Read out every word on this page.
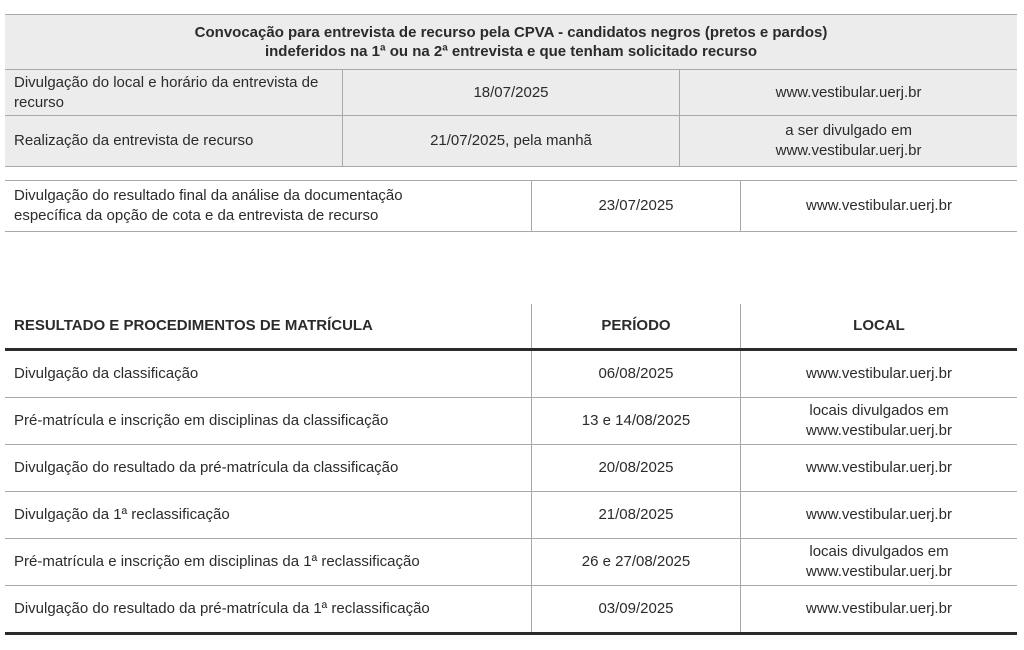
Convocação para entrevista de recurso pela CPVA - candidatos negros (pretos e pardos)
indeferidos na 1ª ou na 2ª entrevista e que tenham solicitado recurso		

Divulgação do local e horário da entrevista de recurso	18/07/2025	www.vestibular.uerj.br
Realização da entrevista de recurso	21/07/2025, pela manhã	a ser divulgado em
www.vestibular.uerj.br
Divulgação do resultado final da análise da documentação
específica da opção de cota e da entrevista de recurso
	23/07/2025	www.vestibular.uerj.br
RESULTADO E PROCEDIMENTOS DE MATRÍCULA	PERÍODO	LOCAL
Divulgação da classificação	06/08/2025	www.vestibular.uerj.br
Pré-matrícula e inscrição em disciplinas da classificação	13 e 14/08/2025	locais divulgados em
www.vestibular.uerj.br

Divulgação do resultado da pré-matrícula da classificação	20/08/2025	www.vestibular.uerj.br
Divulgação da 1ª reclassificação	21/08/2025	www.vestibular.uerj.br
Pré-matrícula e inscrição em disciplinas da 1ª reclassificação	26 e 27/08/2025	locais divulgados em
www.vestibular.uerj.br

Divulgação do resultado da pré-matrícula da 1ª reclassificação	03/09/2025	www.vestibular.uerj.br
